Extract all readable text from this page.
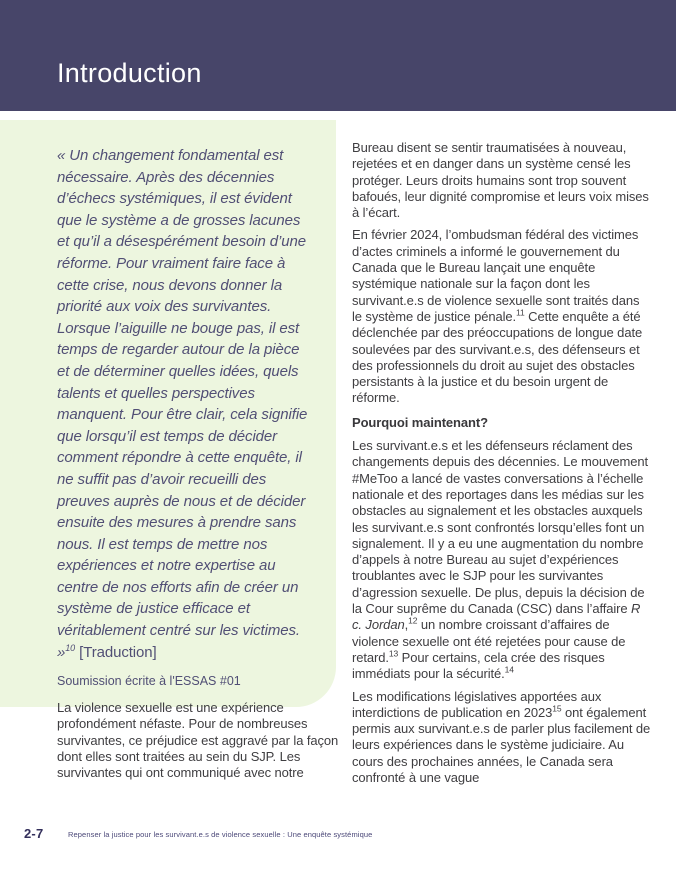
Introduction

« Un changement fondamental est nécessaire. Après des décennies d’échecs systémiques, il est évident que le système a de grosses lacunes et qu’il a désespérément besoin d’une réforme. Pour vraiment faire face à cette crise, nous devons donner la priorité aux voix des survivantes. Lorsque l’aiguille ne bouge pas, il est temps de regarder autour de la pièce et de déterminer quelles idées, quels talents et quelles perspectives manquent. Pour être clair, cela signifie que lorsqu’il est temps de décider comment répondre à cette enquête, il ne suffit pas d’avoir recueilli des preuves auprès de nous et de décider ensuite des mesures à prendre sans nous. Il est temps de mettre nos expériences et notre expertise au centre de nos efforts afin de créer un système de justice efficace et véritablement centré sur les victimes. »$^{10}$ [Traduction]

Soumission écrite à l'ESSAS #01

La violence sexuelle est une expérience profondément néfaste. Pour de nombreuses survivantes, ce préjudice est aggravé par la façon dont elles sont traitées au sein du SJP. Les survivantes qui ont communiqué avec notre

Bureau disent se sentir traumatisées à nouveau, rejetées et en danger dans un système censé les protéger. Leurs droits humains sont trop souvent bafoués, leur dignité compromise et leurs voix mises à l’écart.

En février 2024, l’ombudsman fédéral des victimes d’actes criminels a informé le gouvernement du Canada que le Bureau lançait une enquête systémique nationale sur la façon dont les survivant.e.s de violence sexuelle sont traités dans le système de justice pénale.$^{11}$ Cette enquête a été déclenchée par des préoccupations de longue date soulevées par des survivant.e.s, des défenseurs et des professionnels du droit au sujet des obstacles persistants à la justice et du besoin urgent de réforme.

Pourquoi maintenant?

Les survivant.e.s et les défenseurs réclament des changements depuis des décennies. Le mouvement #MeToo a lancé de vastes conversations à l’échelle nationale et des reportages dans les médias sur les obstacles au signalement et les obstacles auxquels les survivant.e.s sont confrontés lorsqu’elles font un signalement. Il y a eu une augmentation du nombre d’appels à notre Bureau au sujet d’expériences troublantes avec le SJP pour les survivantes d’agression sexuelle. De plus, depuis la décision de la Cour suprême du Canada (CSC) dans l’affaire R c. Jordan,$^{12}$ un nombre croissant d’affaires de violence sexuelle ont été rejetées pour cause de retard.$^{13}$ Pour certains, cela crée des risques immédiats pour la sécurité.$^{14}$

Les modifications législatives apportées aux interdictions de publication en 2023$^{15}$ ont également permis aux survivant.e.s de parler plus facilement de leurs expériences dans le système judiciaire. Au cours des prochaines années, le Canada sera confronté à une vague

2-7	Repenser la justice pour les survivant.e.s de violence sexuelle : Une enquête systémique
